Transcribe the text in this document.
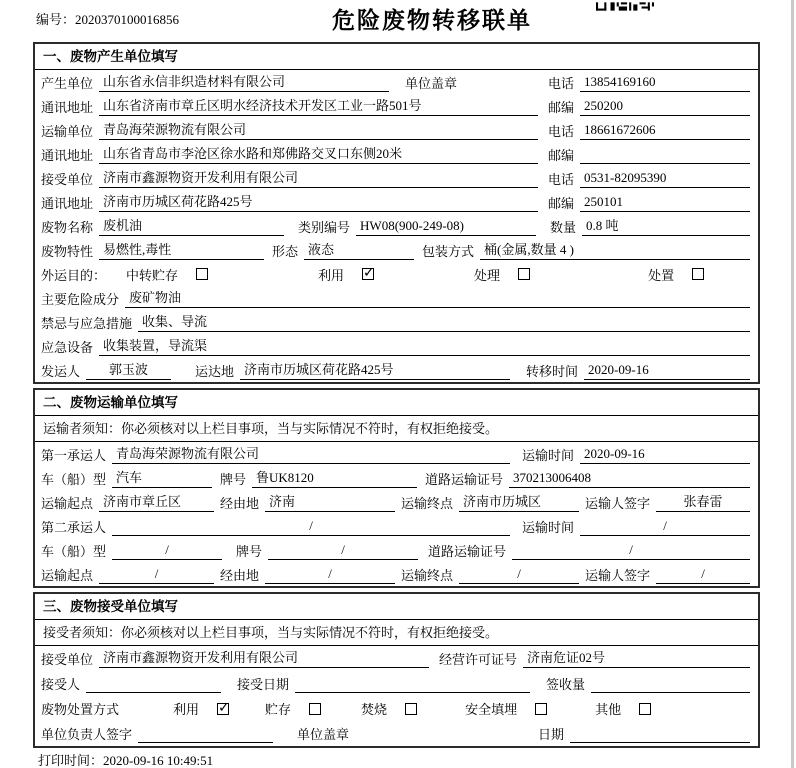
编号：2020370100016856	危险废物转移联单
一、废物产生单位填写
产生单位 山东省永信非织造材料有限公司	单位盖章	电话 13854169160
通讯地址 山东省济南市章丘区明水经济技术开发区工业一路501号	邮编 250200
运输单位 青岛海荣源物流有限公司	电话 18661672606
通讯地址 山东省青岛市李沧区徐水路和郑佛路交叉口东侧20米	邮编
接受单位 济南市鑫源物资开发利用有限公司	电话 0531-82095390
通讯地址 济南市历城区荷花路425号	邮编 250101
废物名称 废机油	类别编号 HW08(900-249-08)	数量 0.8 吨
废物特性 易燃性,毒性	形态 液态	包装方式 桶(金属,数量 4 )
外运目的： 中转贮存	利用 ✓	处理	处置
主要危险成分 废矿物油
禁忌与应急措施 收集、导流
应急设备 收集装置，导流渠
发运人	郭玉波	运达地 济南市历城区荷花路425号	转移时间 2020-09-16
二、废物运输单位填写
运输者须知：你必须核对以上栏目事项，当与实际情况不符时，有权拒绝接受。
第一承运人 青岛海荣源物流有限公司	运输时间 2020-09-16
车（船）型 汽车	牌号 鲁UK8120	道路运输证号 370213006408
运输起点 济南市章丘区	经由地 济南	运输终点 济南市历城区	运输人签字	张春雷
第二承运人	/	运输时间	/
车（船）型	/	牌号	/	道路运输证号	/
运输起点	/	经由地	/	运输终点	/	运输人签字	/
三、废物接受单位填写
接受者须知：你必须核对以上栏目事项，当与实际情况不符时，有权拒绝接受。
接受单位 济南市鑫源物资开发利用有限公司	经营许可证号 济南危证02号
接受人	接受日期	签收量
废物处置方式	利用 ✓	贮存	焚烧	安全填埋	其他
单位负责人签字	单位盖章	日期
打印时间：2020-09-16 10:49:51
